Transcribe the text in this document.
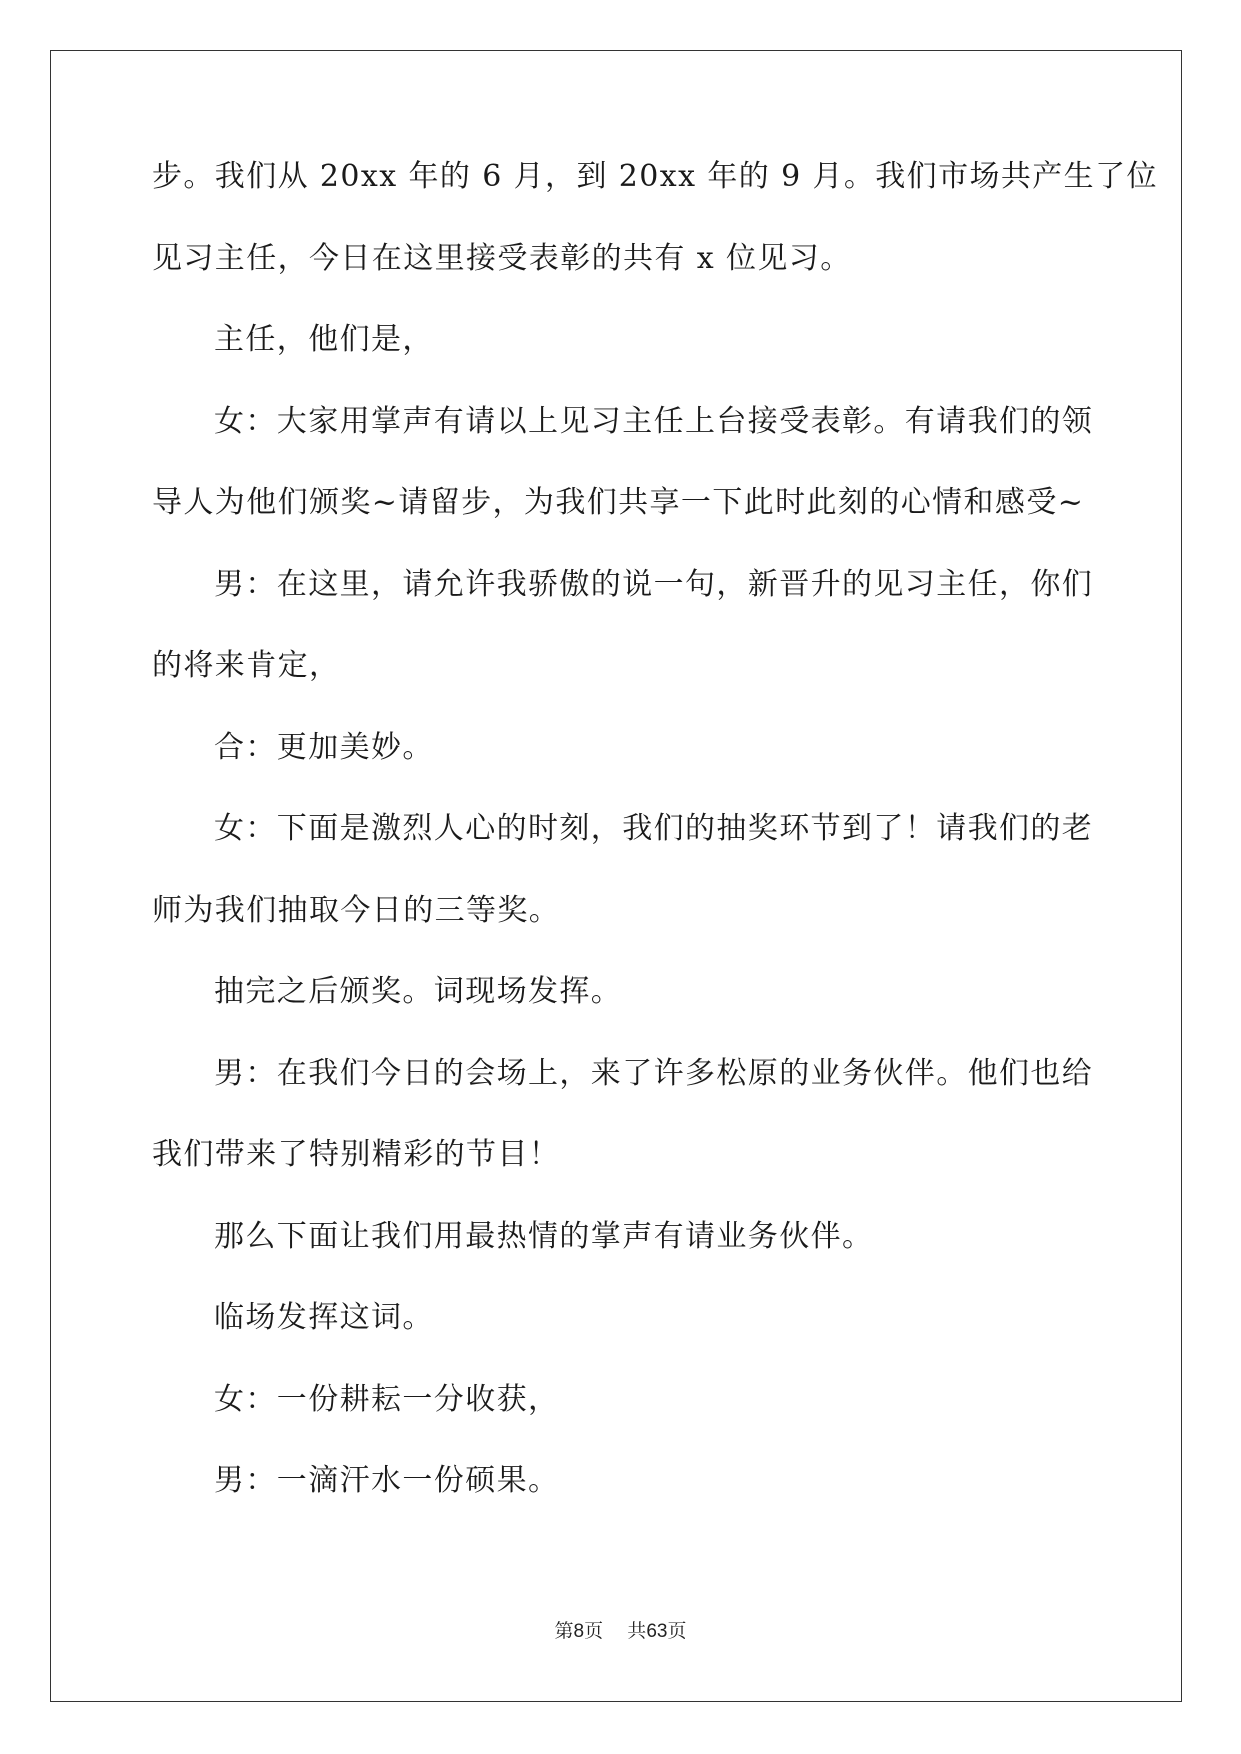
步。我们从 20xx 年的 6 月，到 20xx 年的 9 月。我们市场共产生了位
见习主任，今日在这里接受表彰的共有 x 位见习。
主任，他们是，
女：大家用掌声有请以上见习主任上台接受表彰。有请我们的领
导人为他们颁奖~请留步，为我们共享一下此时此刻的心情和感受~
男：在这里，请允许我骄傲的说一句，新晋升的见习主任，你们
的将来肯定，
合：更加美妙。
女：下面是激烈人心的时刻，我们的抽奖环节到了！请我们的老
师为我们抽取今日的三等奖。
抽完之后颁奖。词现场发挥。
男：在我们今日的会场上，来了许多松原的业务伙伴。他们也给
我们带来了特别精彩的节目！
那么下面让我们用最热情的掌声有请业务伙伴。
临场发挥这词。
女：一份耕耘一分收获，
男：一滴汗水一份硕果。
第8页 共63页
